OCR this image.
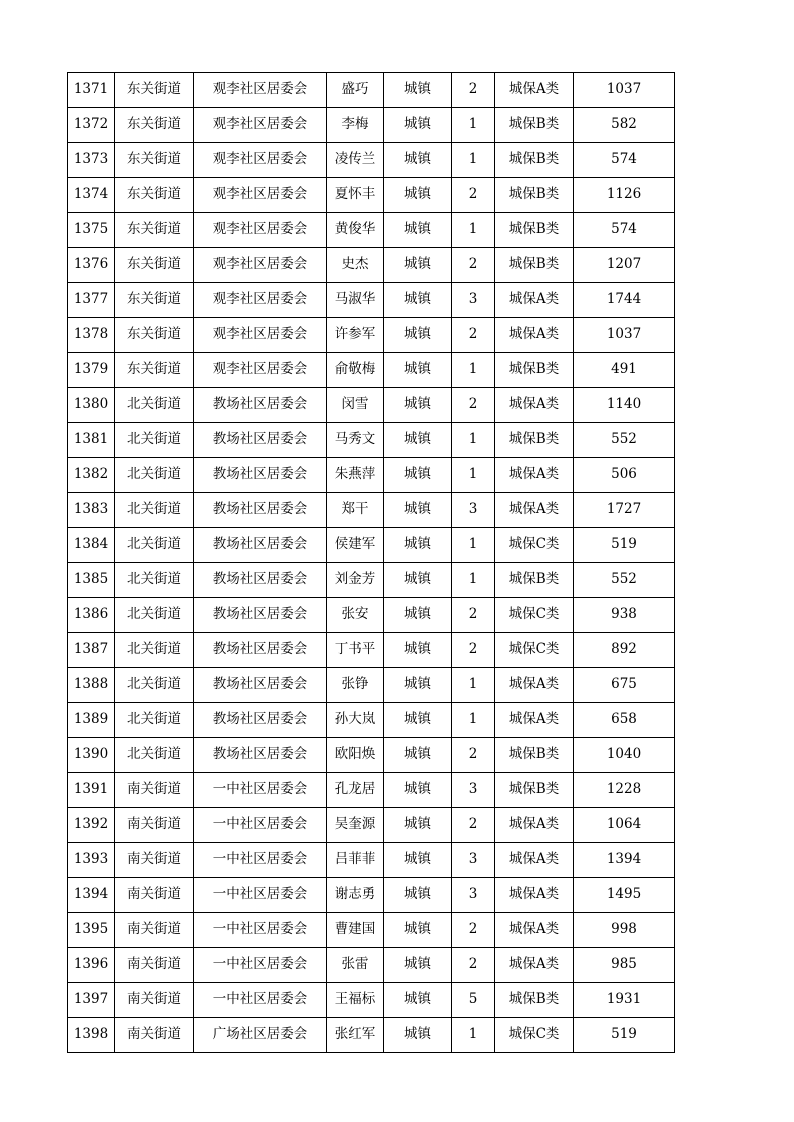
1371	东关街道	观李社区居委会	盛巧	城镇	2	城保A类	1037
1372	东关街道	观李社区居委会	李梅	城镇	1	城保B类	582
1373	东关街道	观李社区居委会	凌传兰	城镇	1	城保B类	574
1374	东关街道	观李社区居委会	夏怀丰	城镇	2	城保B类	1126
1375	东关街道	观李社区居委会	黄俊华	城镇	1	城保B类	574
1376	东关街道	观李社区居委会	史杰	城镇	2	城保B类	1207
1377	东关街道	观李社区居委会	马淑华	城镇	3	城保A类	1744
1378	东关街道	观李社区居委会	许参军	城镇	2	城保A类	1037
1379	东关街道	观李社区居委会	俞敬梅	城镇	1	城保B类	491
1380	北关街道	教场社区居委会	闵雪	城镇	2	城保A类	1140
1381	北关街道	教场社区居委会	马秀文	城镇	1	城保B类	552
1382	北关街道	教场社区居委会	朱燕萍	城镇	1	城保A类	506
1383	北关街道	教场社区居委会	郑干	城镇	3	城保A类	1727
1384	北关街道	教场社区居委会	侯建军	城镇	1	城保C类	519
1385	北关街道	教场社区居委会	刘金芳	城镇	1	城保B类	552
1386	北关街道	教场社区居委会	张安	城镇	2	城保C类	938
1387	北关街道	教场社区居委会	丁书平	城镇	2	城保C类	892
1388	北关街道	教场社区居委会	张铮	城镇	1	城保A类	675
1389	北关街道	教场社区居委会	孙大岚	城镇	1	城保A类	658
1390	北关街道	教场社区居委会	欧阳焕	城镇	2	城保B类	1040
1391	南关街道	一中社区居委会	孔龙居	城镇	3	城保B类	1228
1392	南关街道	一中社区居委会	吴奎源	城镇	2	城保A类	1064
1393	南关街道	一中社区居委会	吕菲菲	城镇	3	城保A类	1394
1394	南关街道	一中社区居委会	谢志勇	城镇	3	城保A类	1495
1395	南关街道	一中社区居委会	曹建国	城镇	2	城保A类	998
1396	南关街道	一中社区居委会	张雷	城镇	2	城保A类	985
1397	南关街道	一中社区居委会	王福标	城镇	5	城保B类	1931
1398	南关街道	广场社区居委会	张红军	城镇	1	城保C类	519
